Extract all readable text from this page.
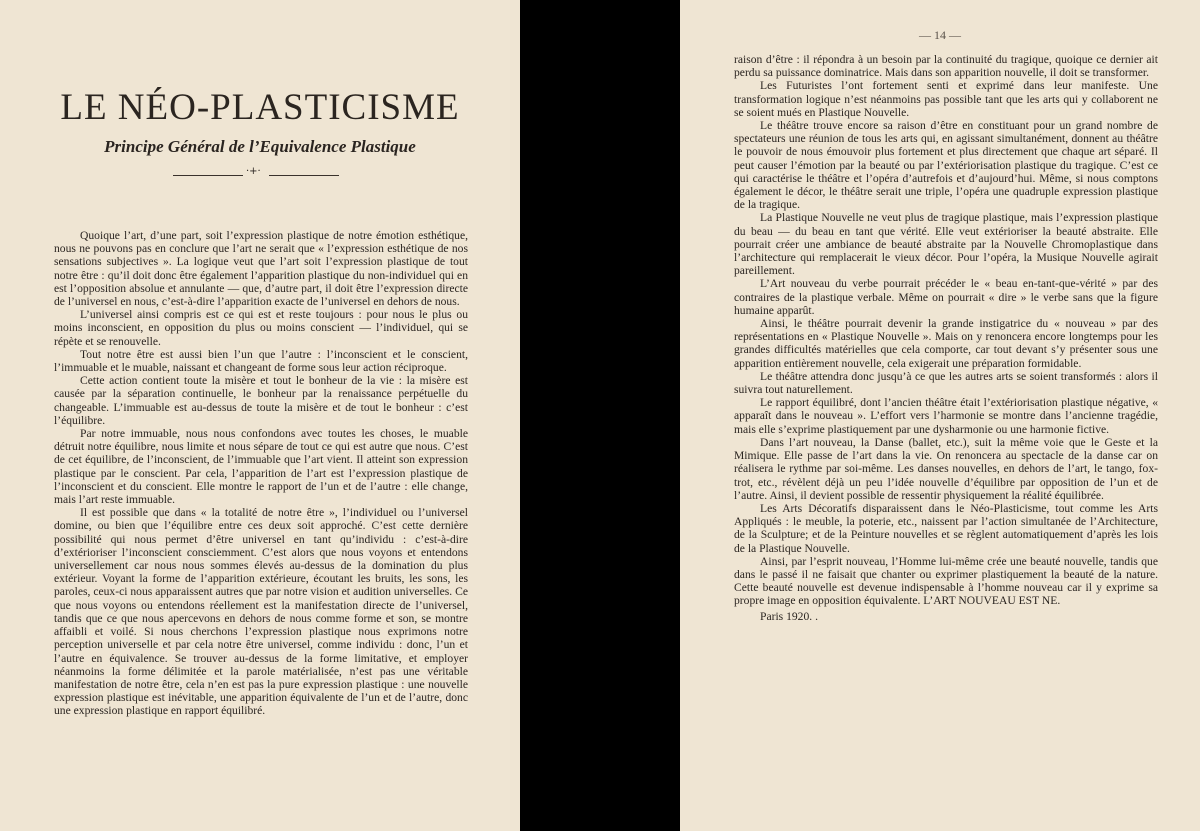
LE NÉO-PLASTICISME
Principe Général de l’Equivalence Plastique
·+·

Quoique l’art, d’une part, soit l’expression plastique de notre émotion esthétique, nous ne pouvons pas en conclure que l’art ne serait que « l’expression esthétique de nos sensations subjectives ». La logique veut que l’art soit l’expression plastique de tout notre être : qu’il doit donc être également l’apparition plastique du non-individuel qui en est l’opposition absolue et annulante — que, d’autre part, il doit être l’expression directe de l’universel en nous, c’est-à-dire l’apparition exacte de l’universel en dehors de nous.

L’universel ainsi compris est ce qui est et reste toujours : pour nous le plus ou moins inconscient, en opposition du plus ou moins conscient — l’individuel, qui se répète et se renouvelle.

Tout notre être est aussi bien l’un que l’autre : l’inconscient et le conscient, l’immuable et le muable, naissant et changeant de forme sous leur action réciproque.

Cette action contient toute la misère et tout le bonheur de la vie : la misère est causée par la séparation continuelle, le bonheur par la renaissance perpétuelle du changeable. L’immuable est au-dessus de toute la misère et de tout le bonheur : c’est l’équilibre.

Par notre immuable, nous nous confondons avec toutes les choses, le muable détruit notre équilibre, nous limite et nous sépare de tout ce qui est autre que nous. C’est de cet équilibre, de l’inconscient, de l’immuable que l’art vient. Il atteint son expression plastique par le conscient. Par cela, l’apparition de l’art est l’expression plastique de l’inconscient et du conscient. Elle montre le rapport de l’un et de l’autre : elle change, mais l’art reste immuable.

Il est possible que dans « la totalité de notre être », l’individuel ou l’universel domine, ou bien que l’équilibre entre ces deux soit approché. C’est cette dernière possibilité qui nous permet d’être universel en tant qu’individu : c’est-à-dire d’extérioriser l’inconscient consciemment. C’est alors que nous voyons et entendons universellement car nous nous sommes élevés au-dessus de la domination du plus extérieur. Voyant la forme de l’apparition extérieure, écoutant les bruits, les sons, les paroles, ceux-ci nous apparaissent autres que par notre vision et audition universelles. Ce que nous voyons ou entendons réellement est la manifestation directe de l’universel, tandis que ce que nous apercevons en dehors de nous comme forme et son, se montre affaibli et voilé. Si nous cherchons l’expression plastique nous exprimons notre perception universelle et par cela notre être universel, comme individu : donc, l’un et l’autre en équivalence. Se trouver au-dessus de la forme limitative, et employer néanmoins la forme délimitée et la parole matérialisée, n’est pas une véritable manifestation de notre être, cela n’en est pas la pure expression plastique : une nouvelle expression plastique est inévitable, une apparition équivalente de l’un et de l’autre, donc une expression plastique en rapport équilibré.

— 14 —

raison d’être : il répondra à un besoin par la continuité du tragique, quoique ce dernier ait perdu sa puissance dominatrice. Mais dans son apparition nouvelle, il doit se transformer.

Les Futuristes l’ont fortement senti et exprimé dans leur manifeste. Une transformation logique n’est néanmoins pas possible tant que les arts qui y collaborent ne se soient mués en Plastique Nouvelle.

Le théâtre trouve encore sa raison d’être en constituant pour un grand nombre de spectateurs une réunion de tous les arts qui, en agissant simultanément, donnent au théâtre le pouvoir de nous émouvoir plus fortement et plus directement que chaque art séparé. Il peut causer l’émotion par la beauté ou par l’extériorisation plastique du tragique. C’est ce qui caractérise le théâtre et l’opéra d’autrefois et d’aujourd’hui. Même, si nous comptons également le décor, le théâtre serait une triple, l’opéra une quadruple expression plastique de la tragique.

La Plastique Nouvelle ne veut plus de tragique plastique, mais l’expression plastique du beau — du beau en tant que vérité. Elle veut extérioriser la beauté abstraite. Elle pourrait créer une ambiance de beauté abstraite par la Nouvelle Chromoplastique dans l’architecture qui remplacerait le vieux décor. Pour l’opéra, la Musique Nouvelle agirait pareillement.

L’Art nouveau du verbe pourrait précéder le « beau en-tant-que-vérité » par des contraires de la plastique verbale. Même on pourrait « dire » le verbe sans que la figure humaine apparût.

Ainsi, le théâtre pourrait devenir la grande instigatrice du « nouveau » par des représentations en « Plastique Nouvelle ». Mais on y renoncera encore longtemps pour les grandes difficultés matérielles que cela comporte, car tout devant s’y présenter sous une apparition entièrement nouvelle, cela exigerait une préparation formidable.

Le théâtre attendra donc jusqu’à ce que les autres arts se soient transformés : alors il suivra tout naturellement.

Le rapport équilibré, dont l’ancien théâtre était l’extériorisation plastique négative, « apparaît dans le nouveau ». L’effort vers l’harmonie se montre dans l’ancienne tragédie, mais elle s’exprime plastiquement par une dysharmonie ou une harmonie fictive.

Dans l’art nouveau, la Danse (ballet, etc.), suit la même voie que le Geste et la Mimique. Elle passe de l’art dans la vie. On renoncera au spectacle de la danse car on réalisera le rythme par soi-même. Les danses nouvelles, en dehors de l’art, le tango, fox-trot, etc., révèlent déjà un peu l’idée nouvelle d’équilibre par opposition de l’un et de l’autre. Ainsi, il devient possible de ressentir physiquement la réalité équilibrée.

Les Arts Décoratifs disparaissent dans le Néo-Plasticisme, tout comme les Arts Appliqués : le meuble, la poterie, etc., naissent par l’action simultanée de l’Architecture, de la Sculpture; et de la Peinture nouvelles et se règlent automatiquement d’après les lois de la Plastique Nouvelle.

Ainsi, par l’esprit nouveau, l’Homme lui-même crée une beauté nouvelle, tandis que dans le passé il ne faisait que chanter ou exprimer plastiquement la beauté de la nature. Cette beauté nouvelle est devenue indispensable à l’homme nouveau car il y exprime sa propre image en opposition équivalente. L’ART NOUVEAU EST NE.

Paris 1920. .
